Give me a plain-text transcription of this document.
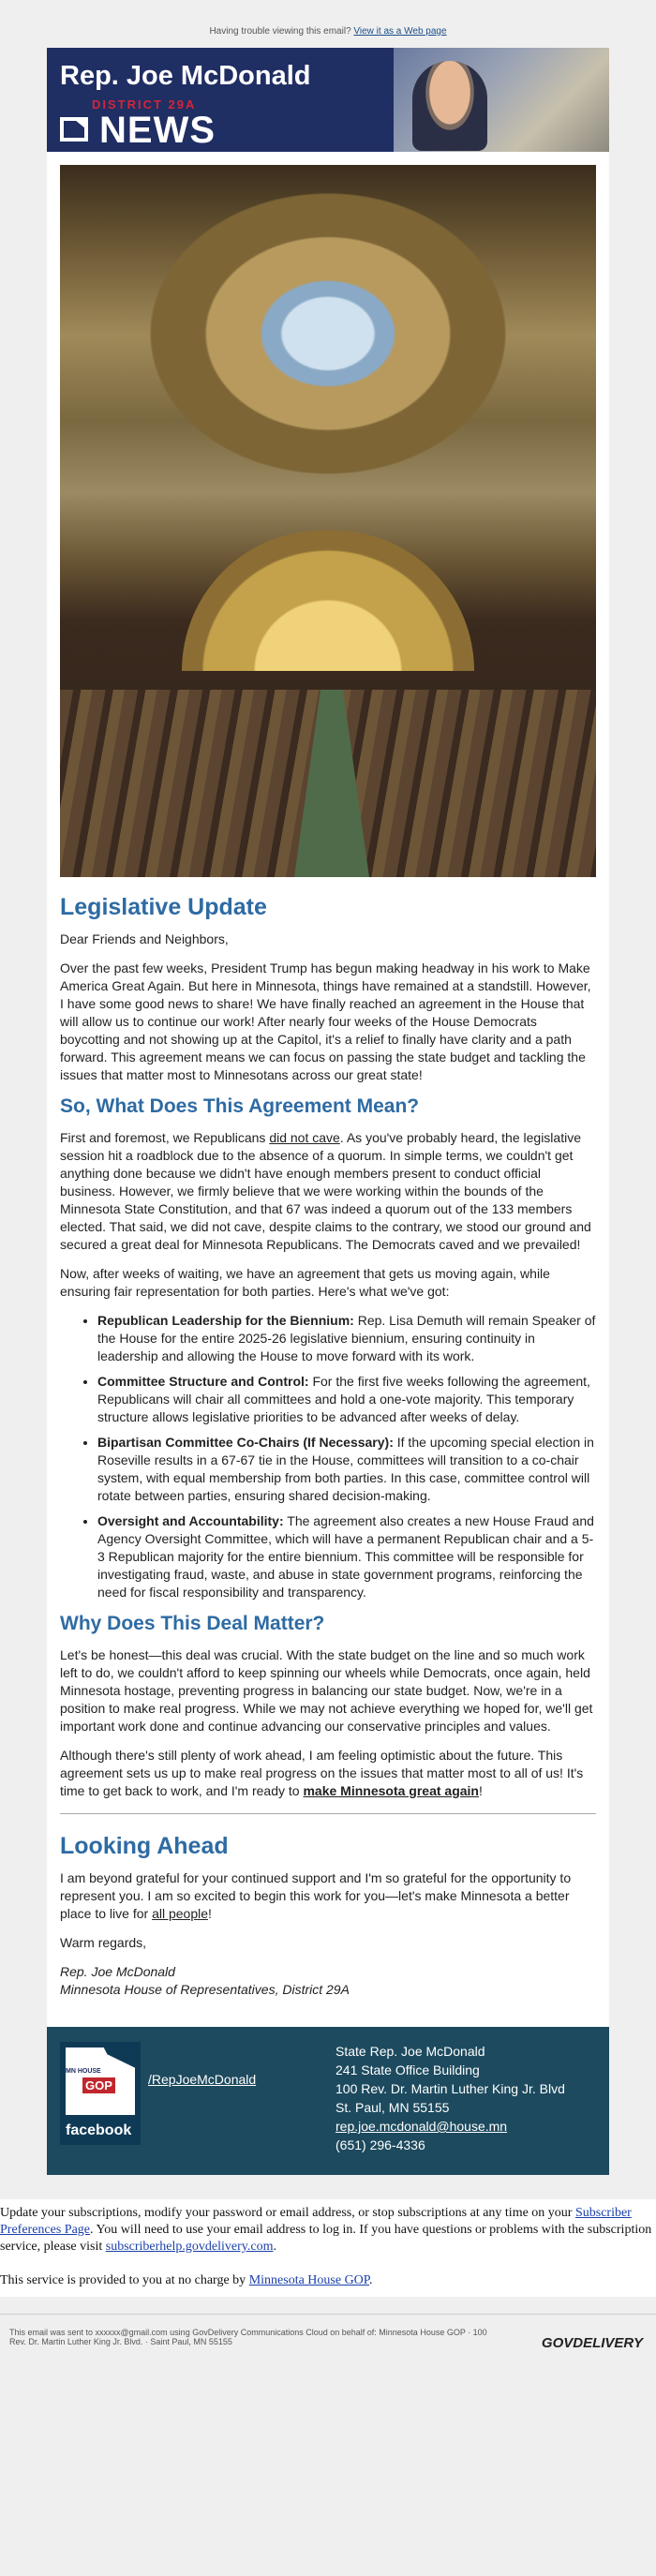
Having trouble viewing this email? View it as a Web page
Rep. Joe McDonald
DISTRICT 29A
NEWS
Legislative Update

Dear Friends and Neighbors,

Over the past few weeks, President Trump has begun making headway in his work to Make America Great Again. But here in Minnesota, things have remained at a standstill. However, I have some good news to share! We have finally reached an agreement in the House that will allow us to continue our work! After nearly four weeks of the House Democrats boycotting and not showing up at the Capitol, it's a relief to finally have clarity and a path forward. This agreement means we can focus on passing the state budget and tackling the issues that matter most to Minnesotans across our great state!

So, What Does This Agreement Mean?

First and foremost, we Republicans did not cave. As you've probably heard, the legislative session hit a roadblock due to the absence of a quorum. In simple terms, we couldn't get anything done because we didn't have enough members present to conduct official business. However, we firmly believe that we were working within the bounds of the Minnesota State Constitution, and that 67 was indeed a quorum out of the 133 members elected. That said, we did not cave, despite claims to the contrary, we stood our ground and secured a great deal for Minnesota Republicans. The Democrats caved and we prevailed!

Now, after weeks of waiting, we have an agreement that gets us moving again, while ensuring fair representation for both parties. Here's what we've got:

• Republican Leadership for the Biennium: Rep. Lisa Demuth will remain Speaker of the House for the entire 2025-26 legislative biennium, ensuring continuity in leadership and allowing the House to move forward with its work.
• Committee Structure and Control: For the first five weeks following the agreement, Republicans will chair all committees and hold a one-vote majority. This temporary structure allows legislative priorities to be advanced after weeks of delay.
• Bipartisan Committee Co-Chairs (If Necessary): If the upcoming special election in Roseville results in a 67-67 tie in the House, committees will transition to a co-chair system, with equal membership from both parties. In this case, committee control will rotate between parties, ensuring shared decision-making.
• Oversight and Accountability: The agreement also creates a new House Fraud and Agency Oversight Committee, which will have a permanent Republican chair and a 5-3 Republican majority for the entire biennium. This committee will be responsible for investigating fraud, waste, and abuse in state government programs, reinforcing the need for fiscal responsibility and transparency.
Why Does This Deal Matter?

Let's be honest—this deal was crucial. With the state budget on the line and so much work left to do, we couldn't afford to keep spinning our wheels while Democrats, once again, held Minnesota hostage, preventing progress in balancing our state budget. Now, we're in a position to make real progress. While we may not achieve everything we hoped for, we'll get important work done and continue advancing our conservative principles and values.

Although there's still plenty of work ahead, I am feeling optimistic about the future. This agreement sets us up to make real progress on the issues that matter most to all of us! It's time to get back to work, and I'm ready to make Minnesota great again!

Looking Ahead

I am beyond grateful for your continued support and I'm so grateful for the opportunity to represent you. I am so excited to begin this work for you—let's make Minnesota a better place to live for all people!

Warm regards,

Rep. Joe McDonald
Minnesota House of Representatives, District 29A

MN HOUSE
GOP
facebook
/RepJoeMcDonald
State Rep. Joe McDonald
241 State Office Building
100 Rev. Dr. Martin Luther King Jr. Blvd
St. Paul, MN 55155
rep.joe.mcdonald@house.mn
(651) 296-4336
Update your subscriptions, modify your password or email address, or stop subscriptions at any time on your Subscriber Preferences Page. You will need to use your email address to log in. If you have questions or problems with the subscription service, please visit subscriberhelp.govdelivery.com.

This service is provided to you at no charge by Minnesota House GOP.
This email was sent to xxxxxx@gmail.com using GovDelivery Communications Cloud on behalf of: Minnesota House GOP · 100
Rev. Dr. Martin Luther King Jr. Blvd. · Saint Paul, MN 55155	GOVDELIVERY
